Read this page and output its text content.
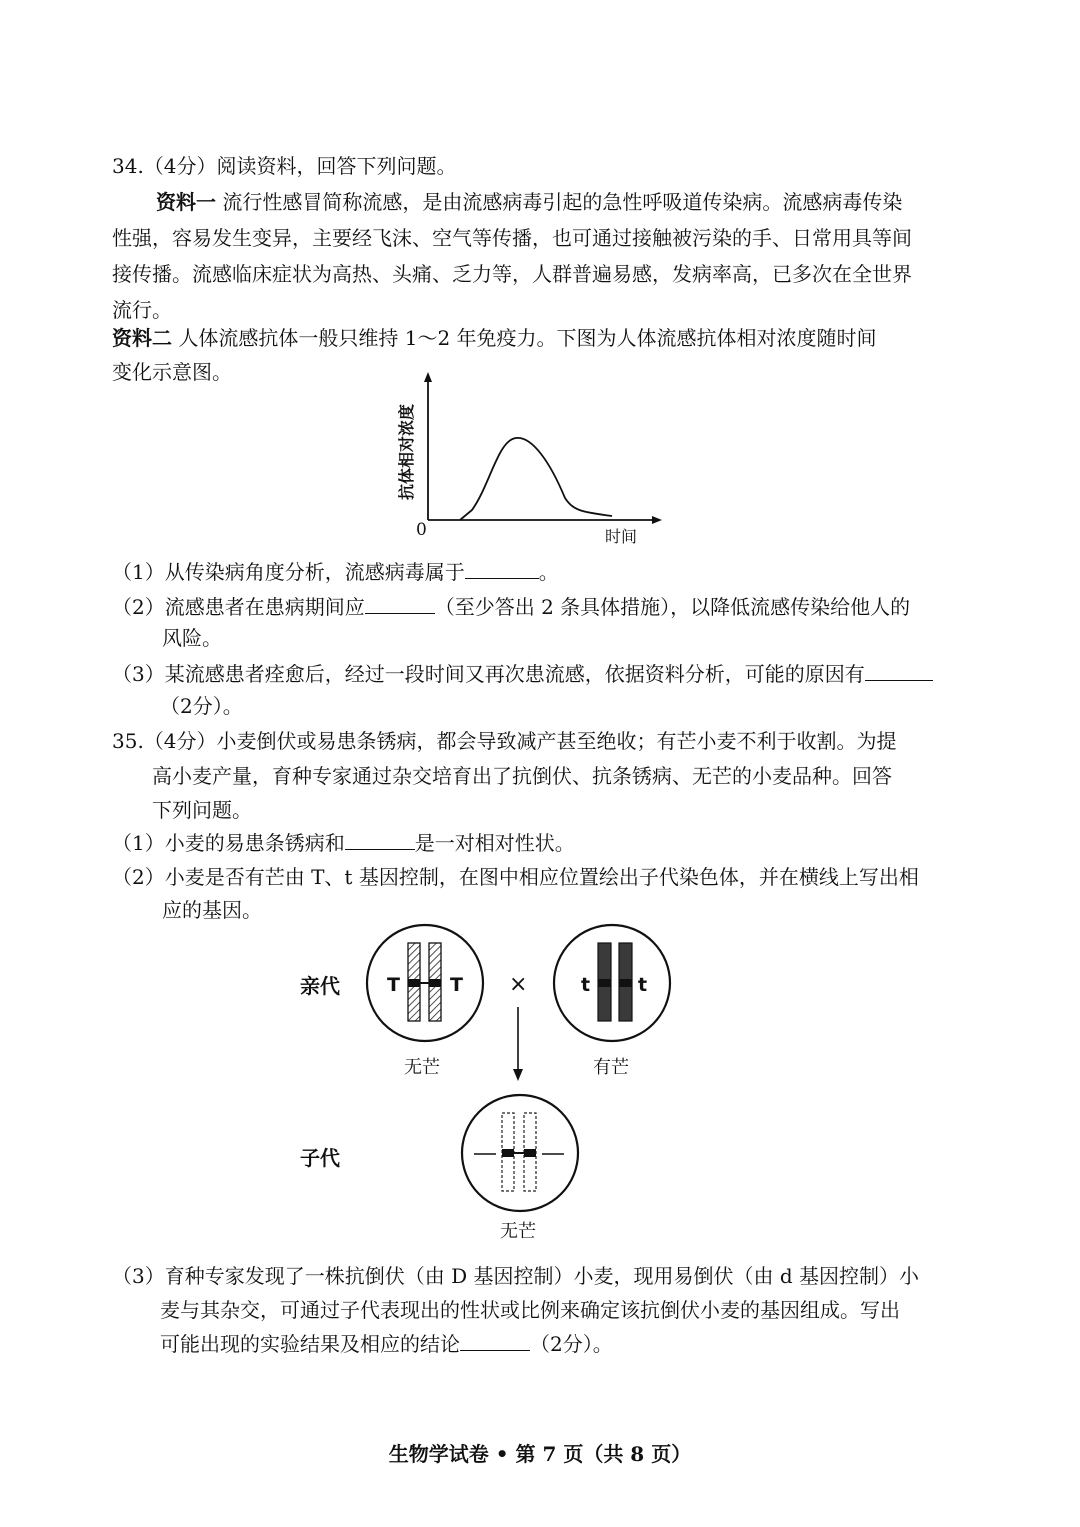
34.（4分）阅读资料，回答下列问题。
资料一 流行性感冒简称流感，是由流感病毒引起的急性呼吸道传染病。流感病毒传染
性强，容易发生变异，主要经飞沫、空气等传播，也可通过接触被污染的手、日常用具等间
接传播。流感临床症状为高热、头痛、乏力等，人群普遍易感，发病率高，已多次在全世界
流行。
资料二 人体流感抗体一般只维持 1～2 年免疫力。下图为人体流感抗体相对浓度随时间
变化示意图。
0	时间
抗体相对浓度
（1）从传染病角度分析，流感病毒属于	。
（2）流感患者在患病期间应	（至少答出 2 条具体措施），以降低流感传染给他人的
风险。
（3）某流感患者痊愈后，经过一段时间又再次患流感，依据资料分析，可能的原因有
（2分）。
35.（4分）小麦倒伏或易患条锈病，都会导致减产甚至绝收；有芒小麦不利于收割。为提
高小麦产量，育种专家通过杂交培育出了抗倒伏、抗条锈病、无芒的小麦品种。回答
下列问题。
（1）小麦的易患条锈病和	是一对相对性状。
（2）小麦是否有芒由 T、t 基因控制，在图中相应位置绘出子代染色体，并在横线上写出相
应的基因。
亲代
子代
T	T ×	t	t
无芒	有芒
无芒
（3）育种专家发现了一株抗倒伏（由 D 基因控制）小麦，现用易倒伏（由 d 基因控制）小
麦与其杂交，可通过子代表现出的性状或比例来确定该抗倒伏小麦的基因组成。写出
可能出现的实验结果及相应的结论	（2分）。
生物学试卷 • 第 7 页（共 8 页）
